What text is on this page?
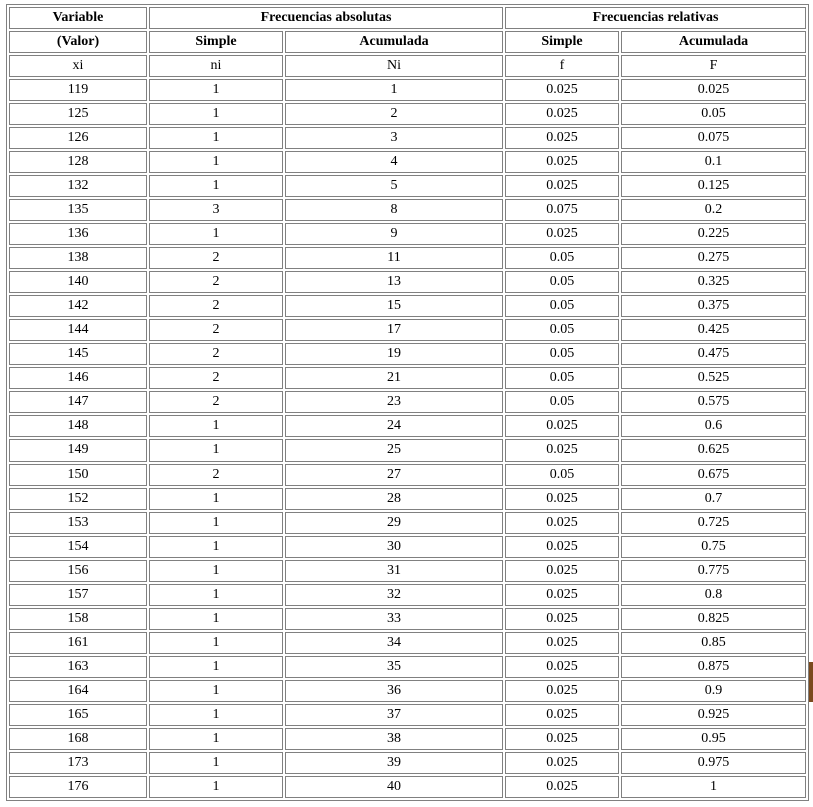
Variable	Frecuencias absolutas		Frecuencias relativas	
(Valor)	Simple	Acumulada	Simple	Acumulada
xi	ni	Ni	f	F
119	1	1	0.025	0.025
125	1	2	0.025	0.05
126	1	3	0.025	0.075
128	1	4	0.025	0.1
132	1	5	0.025	0.125
135	3	8	0.075	0.2
136	1	9	0.025	0.225
138	2	11	0.05	0.275
140	2	13	0.05	0.325
142	2	15	0.05	0.375
144	2	17	0.05	0.425
145	2	19	0.05	0.475
146	2	21	0.05	0.525
147	2	23	0.05	0.575
148	1	24	0.025	0.6
149	1	25	0.025	0.625
150	2	27	0.05	0.675
152	1	28	0.025	0.7
153	1	29	0.025	0.725
154	1	30	0.025	0.75
156	1	31	0.025	0.775
157	1	32	0.025	0.8
158	1	33	0.025	0.825
161	1	34	0.025	0.85
163	1	35	0.025	0.875
164	1	36	0.025	0.9
165	1	37	0.025	0.925
168	1	38	0.025	0.95
173	1	39	0.025	0.975
176	1	40	0.025	1
